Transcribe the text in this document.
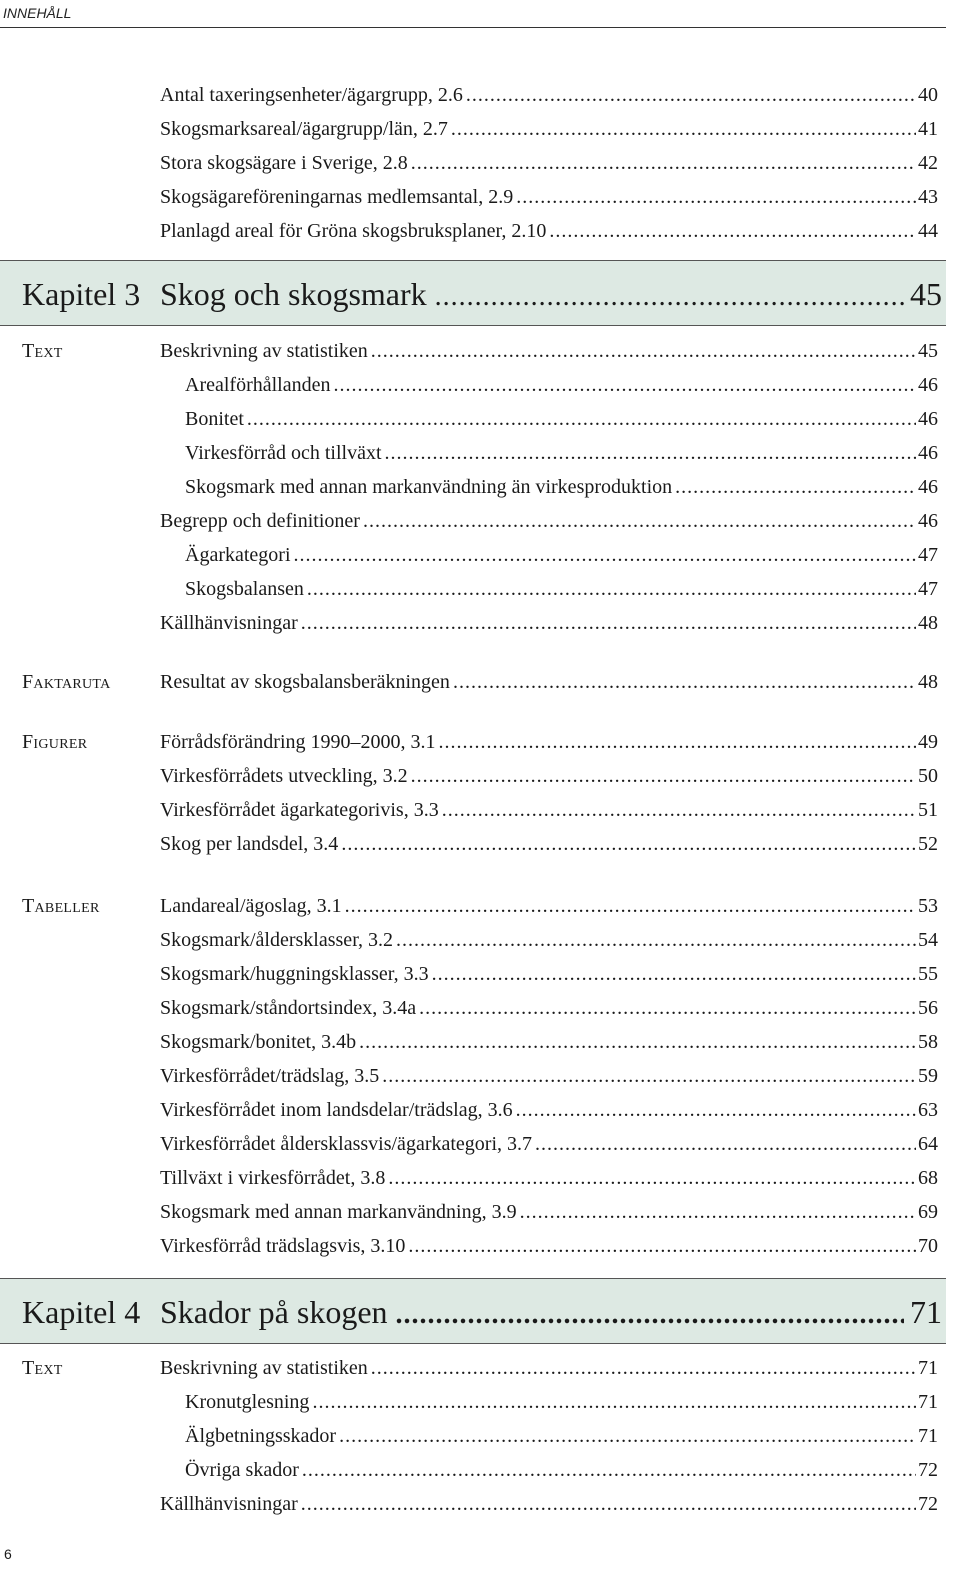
INNEHÅLL
Antal taxeringsenheter/ägargrupp, 2.6 .....	40
Skogsmarksareal/ägargrupp/län, 2.7 .....	41
Stora skogsägare i Sverige, 2.8 .....	42
Skogsägareföreningarnas medlemsantal, 2.9 .....	43
Planlagd areal för Gröna skogsbruksplaner, 2.10 .....	44
Kapitel 3 Skog och skogsmark .....	45
Text	Beskrivning av statistiken .....	45
Arealförhållanden .....	46
Bonitet .....	46
Virkesförråd och tillväxt .....	46
Skogsmark med annan markanvändning än virkesproduktion .....	46
Begrepp och definitioner .....	46
Ägarkategori .....	47
Skogsbalansen .....	47
Källhänvisningar .....	48
Faktaruta Resultat av skogsbalansberäkningen .....	48
Figurer	Förrådsförändring 1990–2000, 3.1 .....	49
Virkesförrådets utveckling, 3.2 .....	50
Virkesförrådet ägarkategorivis, 3.3 .....	51
Skog per landsdel, 3.4 .....	52
Tabeller	Landareal/ägoslag, 3.1 .....	53
Skogsmark/åldersklasser, 3.2 .....	54
Skogsmark/huggningsklasser, 3.3 .....	55
Skogsmark/ståndortsindex, 3.4a .....	56
Skogsmark/bonitet, 3.4b .....	58
Virkesförrådet/trädslag, 3.5 .....	59
Virkesförrådet inom landsdelar/trädslag, 3.6 .....	63
Virkesförrådet åldersklassvis/ägarkategori, 3.7 .....	64
Tillväxt i virkesförrådet, 3.8 .....	68
Skogsmark med annan markanvändning, 3.9 .....	69
Virkesförråd trädslagsvis, 3.10 .....	70
Kapitel 4 Skador på skogen .....	71
Text	Beskrivning av statistiken .....	71
Kronutglesning .....	71
Älgbetningsskador .....	71
Övriga skador .....	72
Källhänvisningar .....	72
6
